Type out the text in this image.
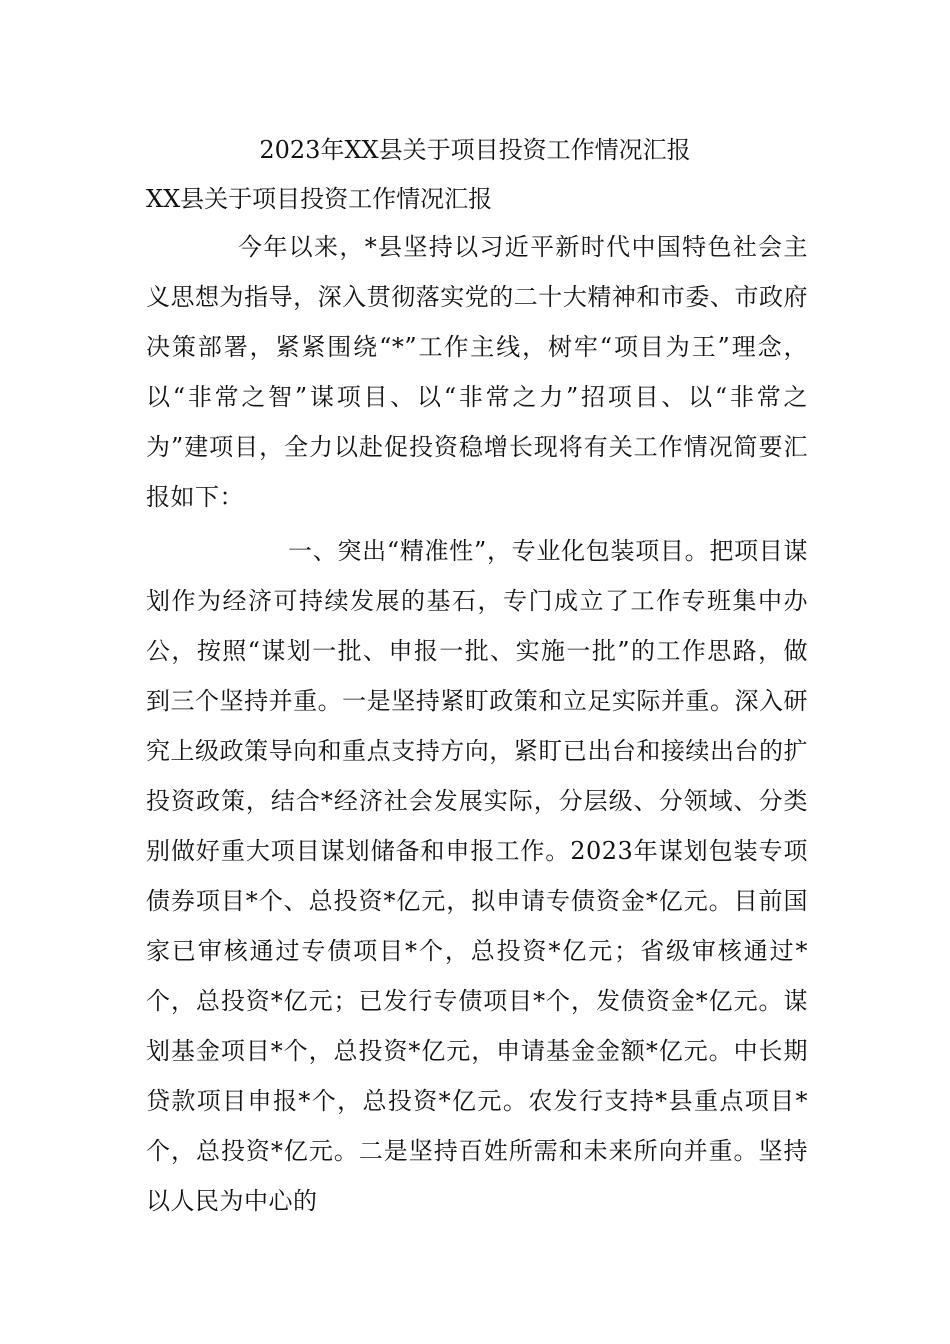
2023年XX县关于项目投资工作情况汇报
XX县关于项目投资工作情况汇报

今年以来，*县坚持以习近平新时代中国特色社会主义思想为指导，深入贯彻落实党的二十大精神和市委、市政府决策部署，紧紧围绕“*”工作主线，树牢“项目为王”理念，以“非常之智”谋项目、以“非常之力”招项目、以“非常之为”建项目，全力以赴促投资稳增长现将有关工作情况简要汇报如下：

一、突出“精准性”，专业化包装项目。把项目谋划作为经济可持续发展的基石，专门成立了工作专班集中办公，按照“谋划一批、申报一批、实施一批”的工作思路，做到三个坚持并重。一是坚持紧盯政策和立足实际并重。深入研究上级政策导向和重点支持方向，紧盯已出台和接续出台的扩投资政策，结合*经济社会发展实际，分层级、分领域、分类别做好重大项目谋划储备和申报工作。2023年谋划包装专项债券项目*个、总投资*亿元，拟申请专债资金*亿元。目前国家已审核通过专债项目*个，总投资*亿元；省级审核通过*个，总投资*亿元；已发行专债项目*个，发债资金*亿元。谋划基金项目*个，总投资*亿元，申请基金金额*亿元。中长期贷款项目申报*个，总投资*亿元。农发行支持*县重点项目*个，总投资*亿元。二是坚持百姓所需和未来所向并重。坚持以人民为中心的
